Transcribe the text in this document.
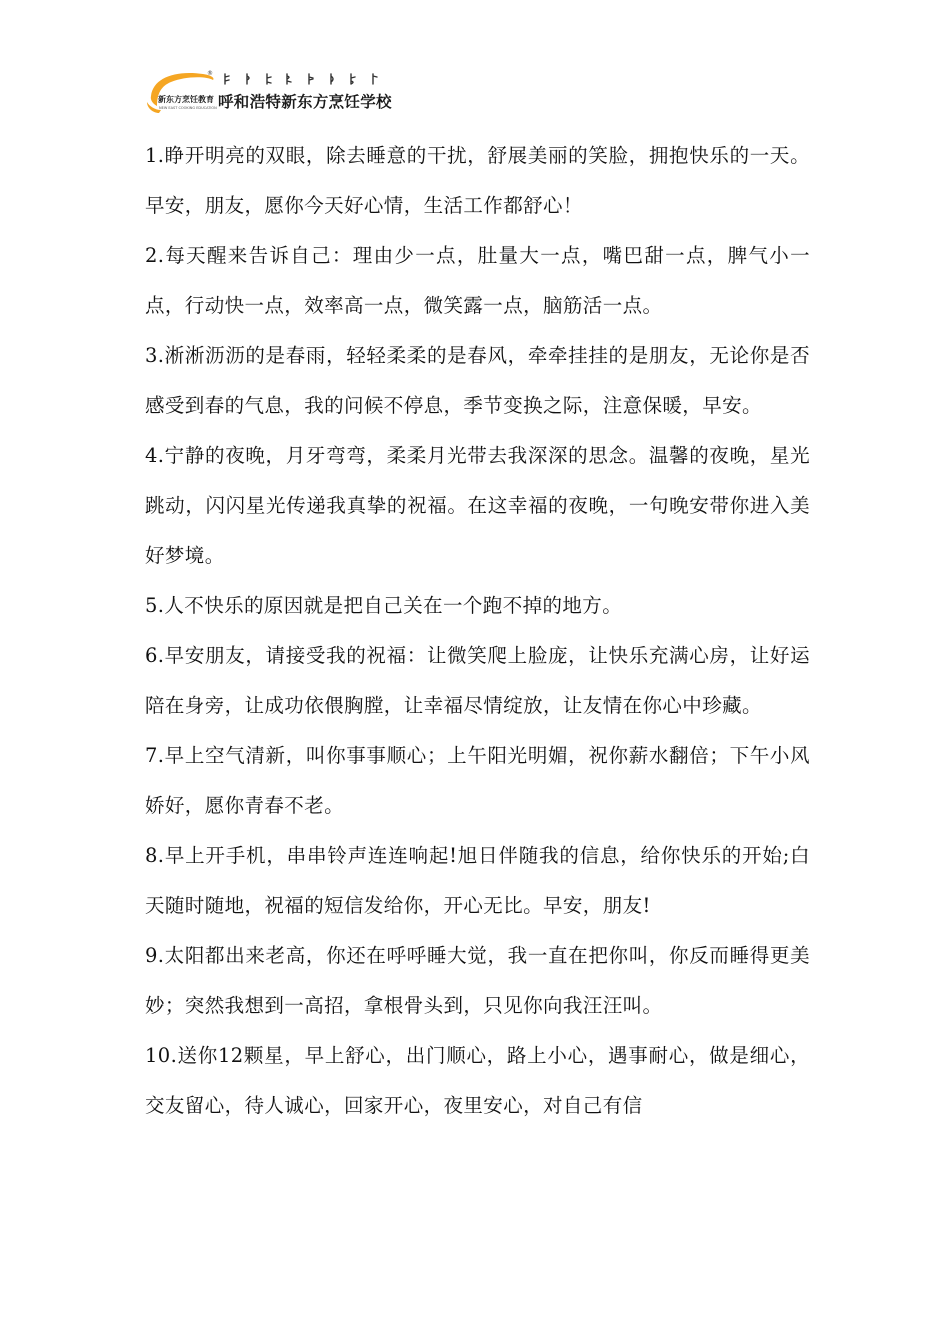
®
新东方烹饪教育
NEW EAST COOKING EDUCATION 呼和浩特新东方烹饪学校

1.睁开明亮的双眼，除去睡意的干扰，舒展美丽的笑脸，拥抱快乐的一天。早安，朋友，愿你今天好心情，生活工作都舒心！

2.每天醒来告诉自己：理由少一点，肚量大一点，嘴巴甜一点，脾气小一点，行动快一点，效率高一点，微笑露一点，脑筋活一点。

3.淅淅沥沥的是春雨，轻轻柔柔的是春风，牵牵挂挂的是朋友，无论你是否感受到春的气息，我的问候不停息，季节变换之际，注意保暖，早安。

4.宁静的夜晚，月牙弯弯，柔柔月光带去我深深的思念。温馨的夜晚，星光跳动，闪闪星光传递我真挚的祝福。在这幸福的夜晚，一句晚安带你进入美好梦境。

5.人不快乐的原因就是把自己关在一个跑不掉的地方。

6.早安朋友，请接受我的祝福：让微笑爬上脸庞，让快乐充满心房，让好运陪在身旁，让成功依偎胸膛，让幸福尽情绽放，让友情在你心中珍藏。

7.早上空气清新，叫你事事顺心；上午阳光明媚，祝你薪水翻倍；下午小风娇好，愿你青春不老。

8.早上开手机，串串铃声连连响起!旭日伴随我的信息，给你快乐的开始;白天随时随地，祝福的短信发给你，开心无比。早安，朋友!

9.太阳都出来老高，你还在呼呼睡大觉，我一直在把你叫，你反而睡得更美妙；突然我想到一高招，拿根骨头到，只见你向我汪汪叫。

10.送你12颗星，早上舒心，出门顺心，路上小心，遇事耐心，做是细心，交友留心，待人诚心，回家开心，夜里安心，对自己有信
